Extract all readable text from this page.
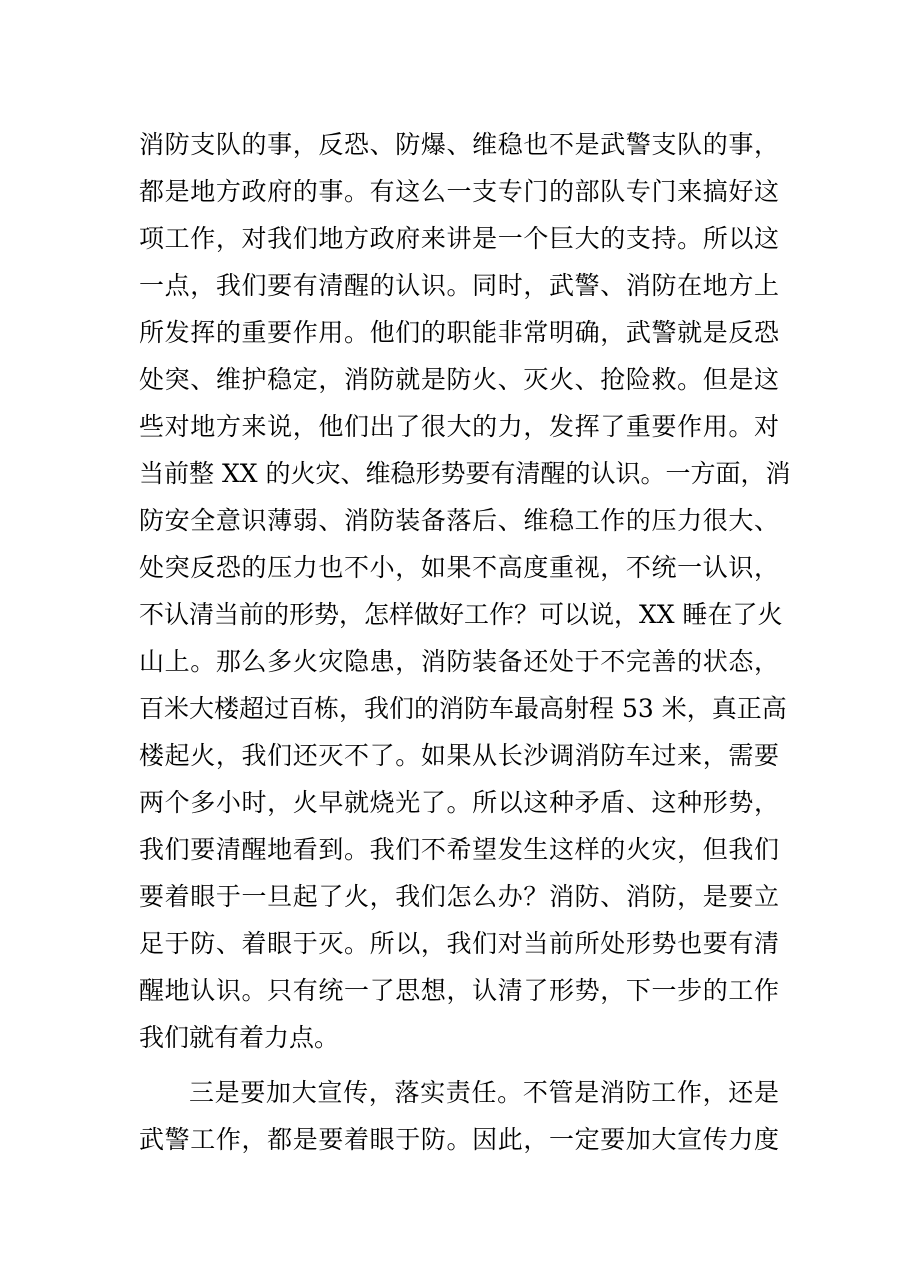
消防支队的事，反恐、防爆、维稳也不是武警支队的事，
都是地方政府的事。有这么一支专门的部队专门来搞好这
项工作，对我们地方政府来讲是一个巨大的支持。所以这
一点，我们要有清醒的认识。同时，武警、消防在地方上
所发挥的重要作用。他们的职能非常明确，武警就是反恐
处突、维护稳定，消防就是防火、灭火、抢险救。但是这
些对地方来说，他们出了很大的力，发挥了重要作用。对
当前整 XX 的火灾、维稳形势要有清醒的认识。一方面，消
防安全意识薄弱、消防装备落后、维稳工作的压力很大、
处突反恐的压力也不小，如果不高度重视，不统一认识，
不认清当前的形势，怎样做好工作？可以说，XX 睡在了火
山上。那么多火灾隐患，消防装备还处于不完善的状态，
百米大楼超过百栋，我们的消防车最高射程 53 米，真正高
楼起火，我们还灭不了。如果从长沙调消防车过来，需要
两个多小时，火早就烧光了。所以这种矛盾、这种形势，
我们要清醒地看到。我们不希望发生这样的火灾，但我们
要着眼于一旦起了火，我们怎么办？消防、消防，是要立
足于防、着眼于灭。所以，我们对当前所处形势也要有清
醒地认识。只有统一了思想，认清了形势，下一步的工作
我们就有着力点。
三是要加大宣传，落实责任。不管是消防工作，还是
武警工作，都是要着眼于防。因此，一定要加大宣传力度
